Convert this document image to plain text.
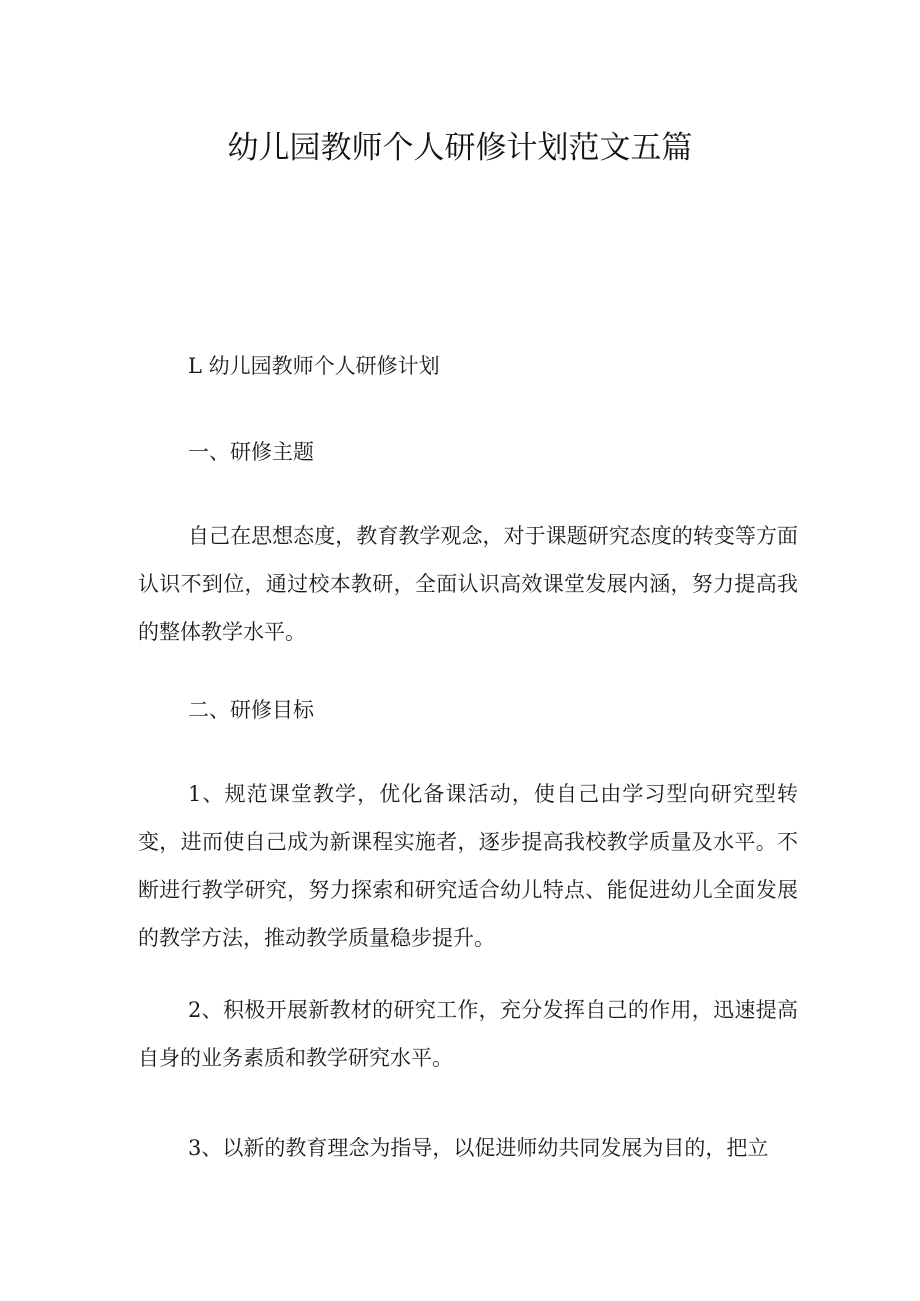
幼儿园教师个人研修计划范文五篇

L 幼儿园教师个人研修计划

一、研修主题

自己在思想态度，教育教学观念，对于课题研究态度的转变等方面认识不到位，通过校本教研，全面认识高效课堂发展内涵，努力提高我的整体教学水平。

二、研修目标

1、规范课堂教学，优化备课活动，使自己由学习型向研究型转变，进而使自己成为新课程实施者，逐步提高我校教学质量及水平。不断进行教学研究，努力探索和研究适合幼儿特点、能促进幼儿全面发展的教学方法，推动教学质量稳步提升。

2、积极开展新教材的研究工作，充分发挥自己的作用，迅速提高自身的业务素质和教学研究水平。

3、以新的教育理念为指导，以促进师幼共同发展为目的，把立
